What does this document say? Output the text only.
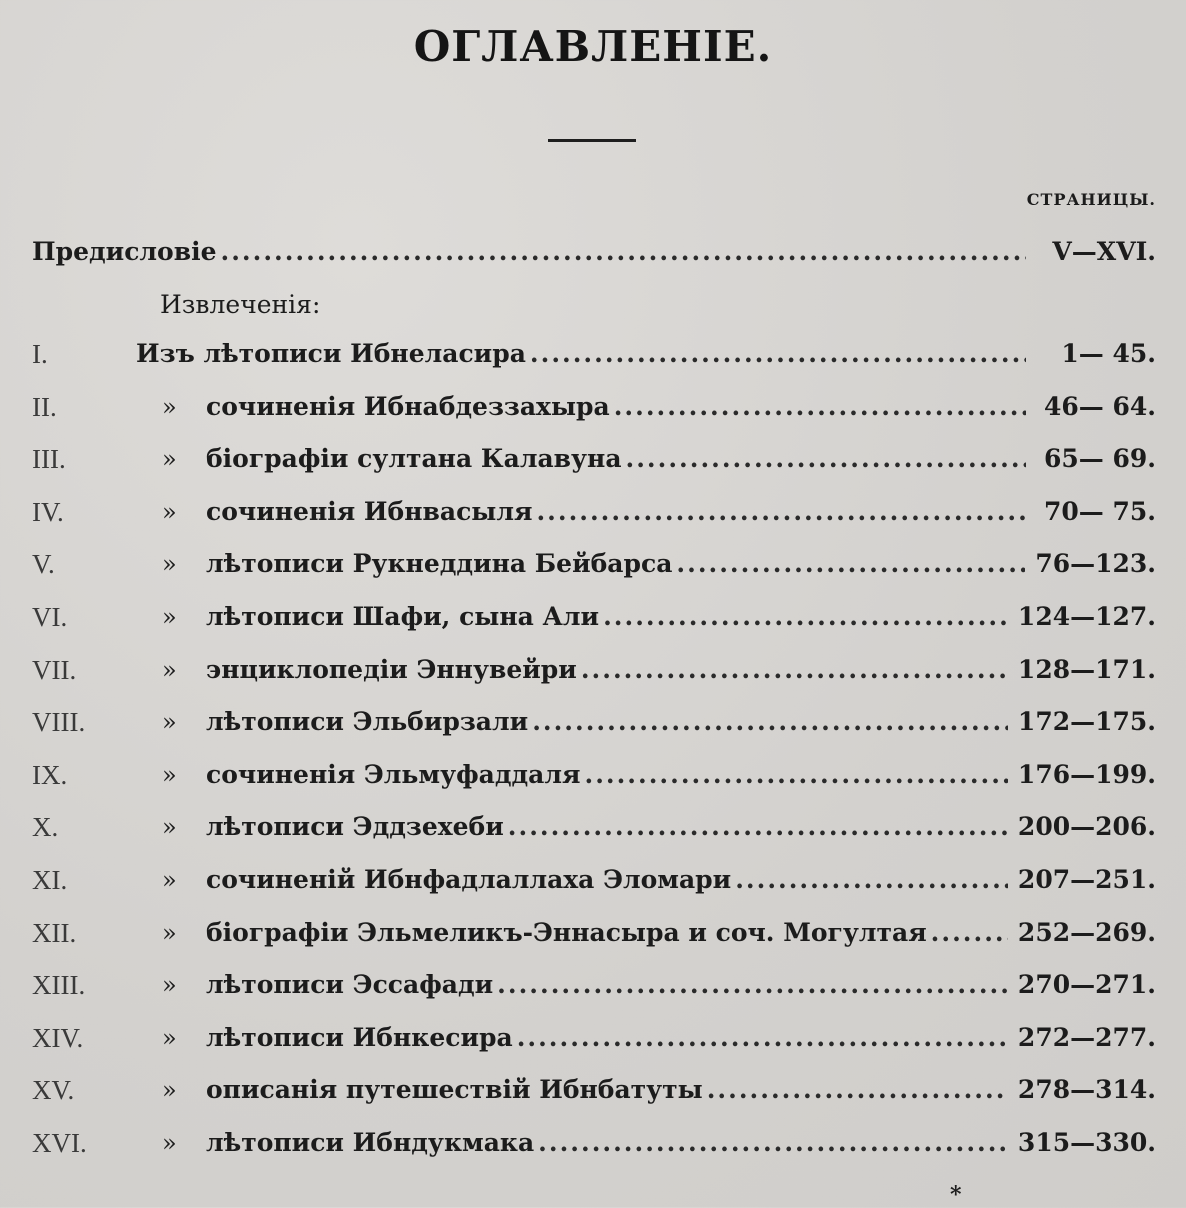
ОГЛАВЛЕНІЕ.
СТРАНИЦЫ.
Предисловіе .....	V—XVI.
Извлеченія:
I.	Изъ лѣтописи Ибнеласира .....	1— 45.
II.	» сочиненія Ибнабдеззахыра .....	46— 64.
III.	» біографіи султана Калавуна .....	65— 69.
IV.	» сочиненія Ибнвасыля .....	70— 75.
V.	» лѣтописи Рукнеддина Бейбарса .....	76—123.
VI.	» лѣтописи Шафи, сына Али .....	124—127.
VII.	» энциклопедіи Эннувейри .....	128—171.
VIII.	» лѣтописи Эльбирзали .....	172—175.
IX.	» сочиненія Эльмуфаддаля .....	176—199.
X.	» лѣтописи Эддзехеби .....	200—206.
XI.	» сочиненій Ибнфадлаллаха Эломари .....	207—251.
XII.	» біографіи Эльмеликъ-Эннасыра и соч. Могултая .....	252—269.
XIII.	» лѣтописи Эссафади .....	270—271.
XIV.	» лѣтописи Ибнкесира .....	272—277.
XV.	» описанія путешествій Ибнбатуты .....	278—314.
XVI.	» лѣтописи Ибндукмака .....	315—330.
*
